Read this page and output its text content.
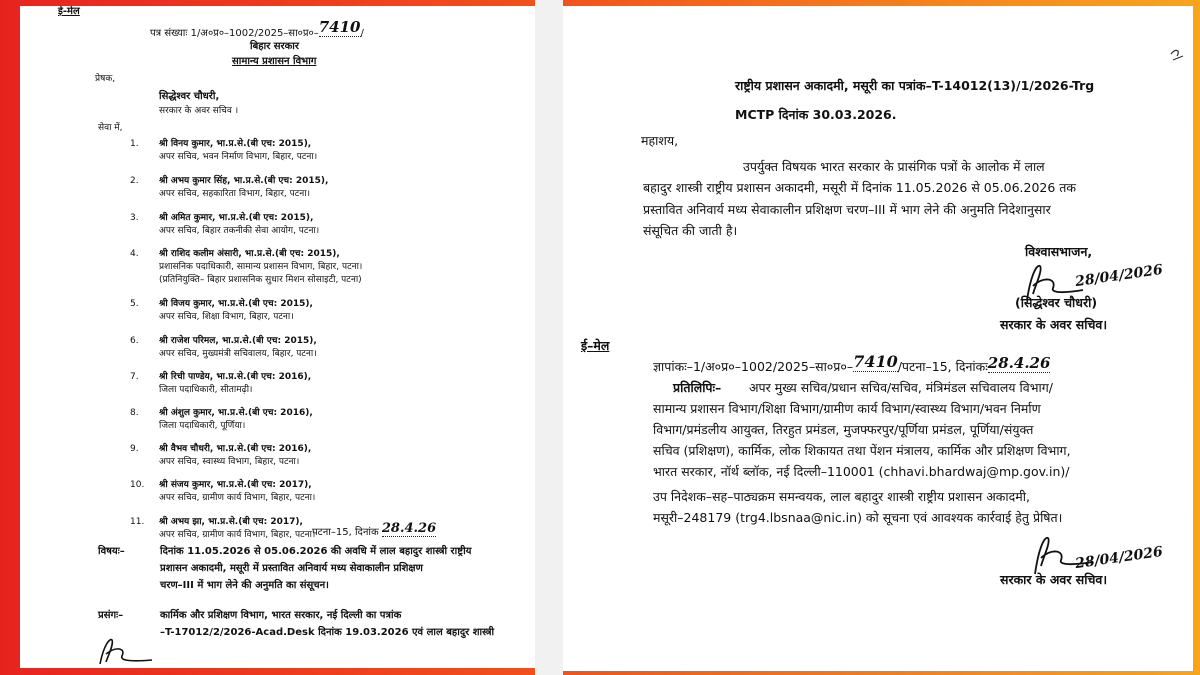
ई-मेल
पत्र संख्याः 1/अ०प्र०–1002/2025–सा०प्र०–7410/
बिहार सरकार
सामान्य प्रशासन विभाग
प्रेषक,
सिद्धेश्वर चौधरी,
सरकार के अवर सचिव ।
सेवा में,
1. श्री विनय कुमार, भा.प्र.से.(बी एच: 2015),
अपर सचिव, भवन निर्माण विभाग, बिहार, पटना।
2. श्री अभय कुमार सिंह, भा.प्र.से.(बी एच: 2015),
अपर सचिव, सहकारिता विभाग, बिहार, पटना।
3. श्री अमित कुमार, भा.प्र.से.(बी एच: 2015),
अपर सचिव, बिहार तकनीकी सेवा आयोग, पटना।
4. श्री राशिद कलीम अंसारी, भा.प्र.से.(बी एच: 2015),
प्रशासनिक पदाधिकारी, सामान्य प्रशासन विभाग, बिहार, पटना।
(प्रतिनियुक्ति– बिहार प्रशासनिक सुधार मिशन सोसाइटी, पटना)
5. श्री विजय कुमार, भा.प्र.से.(बी एच: 2015),
अपर सचिव, शिक्षा विभाग, बिहार, पटना।
6. श्री राजेश परिमल, भा.प्र.से.(बी एच: 2015),
अपर सचिव, मुख्यमंत्री सचिवालय, बिहार, पटना।
7. श्री रिची पाण्डेय, भा.प्र.से.(बी एच: 2016),
जिला पदाधिकारी, सीतामढ़ी।
8. श्री अंशुल कुमार, भा.प्र.से.(बी एच: 2016),
जिला पदाधिकारी, पूर्णिया।
9. श्री वैभव चौधरी, भा.प्र.से.(बी एच: 2016),
अपर सचिव, स्वास्थ्य विभाग, बिहार, पटना।
10. श्री संजय कुमार, भा.प्र.से.(बी एच: 2017),
अपर सचिव, ग्रामीण कार्य विभाग, बिहार, पटना।
11. श्री अभय झा, भा.प्र.से.(बी एच: 2017),
अपर सचिव, ग्रामीण कार्य विभाग, बिहार, पटना।
पटना–15, दिनांक 28.4.26
विषयः–	दिनांक 11.05.2026 से 05.06.2026 की अवधि में लाल बहादुर शास्त्री राष्ट्रीय
प्रशासन अकादमी, मसूरी में प्रस्तावित अनिवार्य मध्य सेवाकालीन प्रशिक्षण
चरण–III में भाग लेने की अनुमति का संसूचन।
प्रसंगः–	कार्मिक और प्रशिक्षण विभाग, भारत सरकार, नई दिल्ली का पत्रांक
–T-17012/2/2026-Acad.Desk दिनांक 19.03.2026 एवं लाल बहादुर शास्त्री
राष्ट्रीय प्रशासन अकादमी, मसूरी का पत्रांक–T-14012(13)/1/2026-Trg
MCTP दिनांक 30.03.2026.
महाशय,
उपर्युक्त विषयक भारत सरकार के प्रासंगिक पत्रों के आलोक में लाल
बहादुर शास्त्री राष्ट्रीय प्रशासन अकादमी, मसूरी में दिनांक 11.05.2026 से 05.06.2026 तक
प्रस्तावित अनिवार्य मध्य सेवाकालीन प्रशिक्षण चरण–III में भाग लेने की अनुमति निदेशानुसार
संसूचित की जाती है।
विश्वासभाजन,
28/04/2026
(सिद्धेश्वर चौधरी)
सरकार के अवर सचिव।
ई–मेल
ज्ञापांकः–1/अ०प्र०–1002/2025–सा०प्र०–7410/पटना–15, दिनांकः28.4.26
प्रतिलिपिः– अपर मुख्य सचिव/प्रधान सचिव/सचिव, मंत्रिमंडल सचिवालय विभाग/
सामान्य प्रशासन विभाग/शिक्षा विभाग/ग्रामीण कार्य विभाग/स्वास्थ्य विभाग/भवन निर्माण
विभाग/प्रमंडलीय आयुक्त, तिरहुत प्रमंडल, मुजफ्फरपुर/पूर्णिया प्रमंडल, पूर्णिया/संयुक्त
सचिव (प्रशिक्षण), कार्मिक, लोक शिकायत तथा पेंशन मंत्रालय, कार्मिक और प्रशिक्षण विभाग,
भारत सरकार, नॉर्थ ब्लॉक, नई दिल्ली–110001 (chhavi.bhardwaj@mp.gov.in)/
उप निदेशक–सह–पाठ्यक्रम समन्वयक, लाल बहादुर शास्त्री राष्ट्रीय प्रशासन अकादमी,
मसूरी–248179 (trg4.lbsnaa@nic.in) को सूचना एवं आवश्यक कार्रवाई हेतु प्रेषित।
28/04/2026
सरकार के अवर सचिव।
